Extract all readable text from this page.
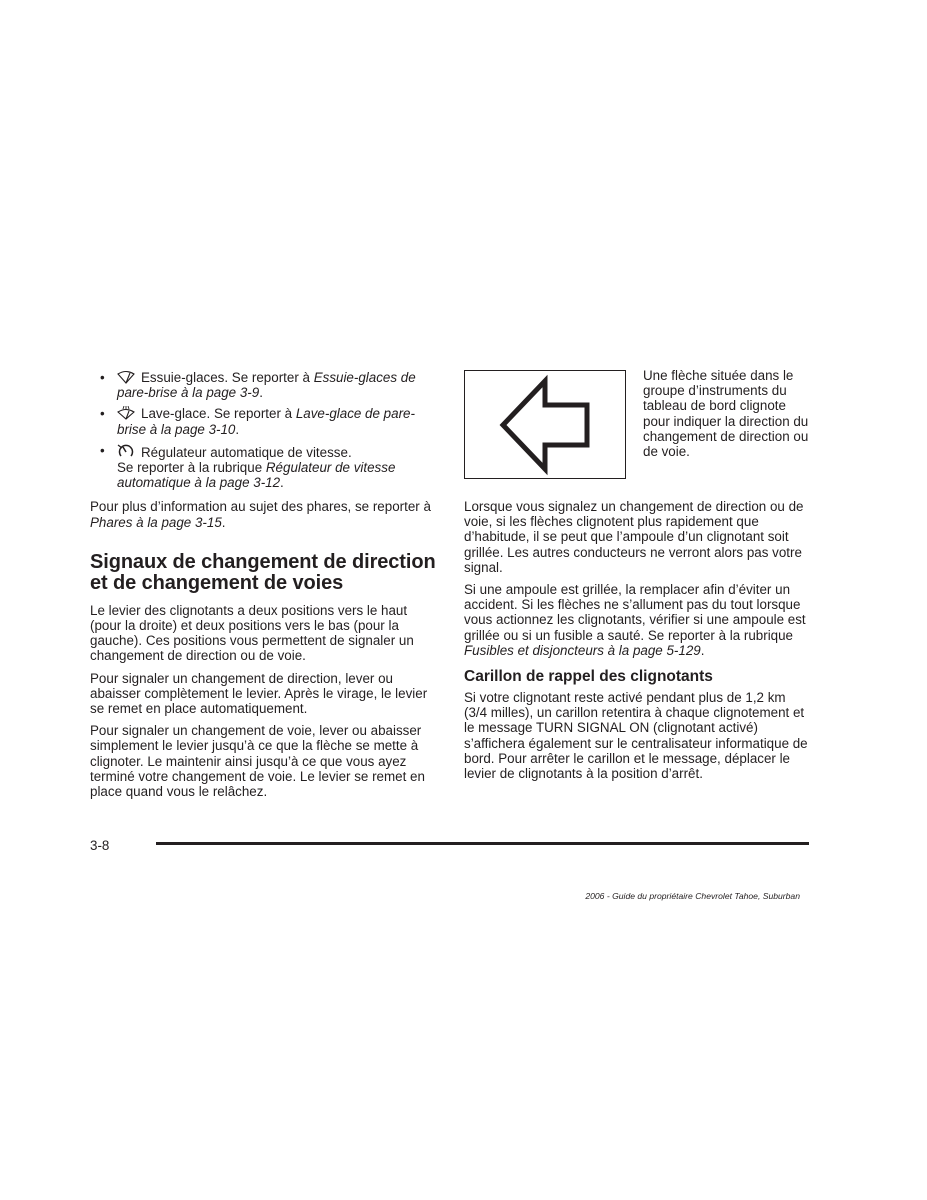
•	Essuie-glaces. Se reporter à Essuie-glaces de pare-brise à la page 3-9.
•	Lave-glace. Se reporter à Lave-glace de pare-brise à la page 3-10.
•	Régulateur automatique de vitesse.
Se reporter à la rubrique Régulateur de vitesse automatique à la page 3-12.

Pour plus d’information au sujet des phares, se reporter à Phares à la page 3-15.

Signaux de changement de direction et de changement de voies

Le levier des clignotants a deux positions vers le haut (pour la droite) et deux positions vers le bas (pour la gauche). Ces positions vous permettent de signaler un changement de direction ou de voie.

Pour signaler un changement de direction, lever ou abaisser complètement le levier. Après le virage, le levier se remet en place automatiquement.

Pour signaler un changement de voie, lever ou abaisser simplement le levier jusqu’à ce que la flèche se mette à clignoter. Le maintenir ainsi jusqu’à ce que vous ayez terminé votre changement de voie. Le levier se remet en place quand vous le relâchez.

Une flèche située dans le groupe d’instruments du tableau de bord clignote pour indiquer la direction du changement de direction ou de voie.

Lorsque vous signalez un changement de direction ou de voie, si les flèches clignotent plus rapidement que d’habitude, il se peut que l’ampoule d’un clignotant soit grillée. Les autres conducteurs ne verront alors pas votre signal.

Si une ampoule est grillée, la remplacer afin d’éviter un accident. Si les flèches ne s’allument pas du tout lorsque vous actionnez les clignotants, vérifier si une ampoule est grillée ou si un fusible a sauté. Se reporter à la rubrique Fusibles et disjoncteurs à la page 5-129.

Carillon de rappel des clignotants

Si votre clignotant reste activé pendant plus de 1,2 km (3/4 milles), un carillon retentira à chaque clignotement et le message TURN SIGNAL ON (clignotant activé) s’affichera également sur le centralisateur informatique de bord. Pour arrêter le carillon et le message, déplacer le levier de clignotants à la position d’arrêt.

3-8
2006 - Guide du propriétaire Chevrolet Tahoe, Suburban
